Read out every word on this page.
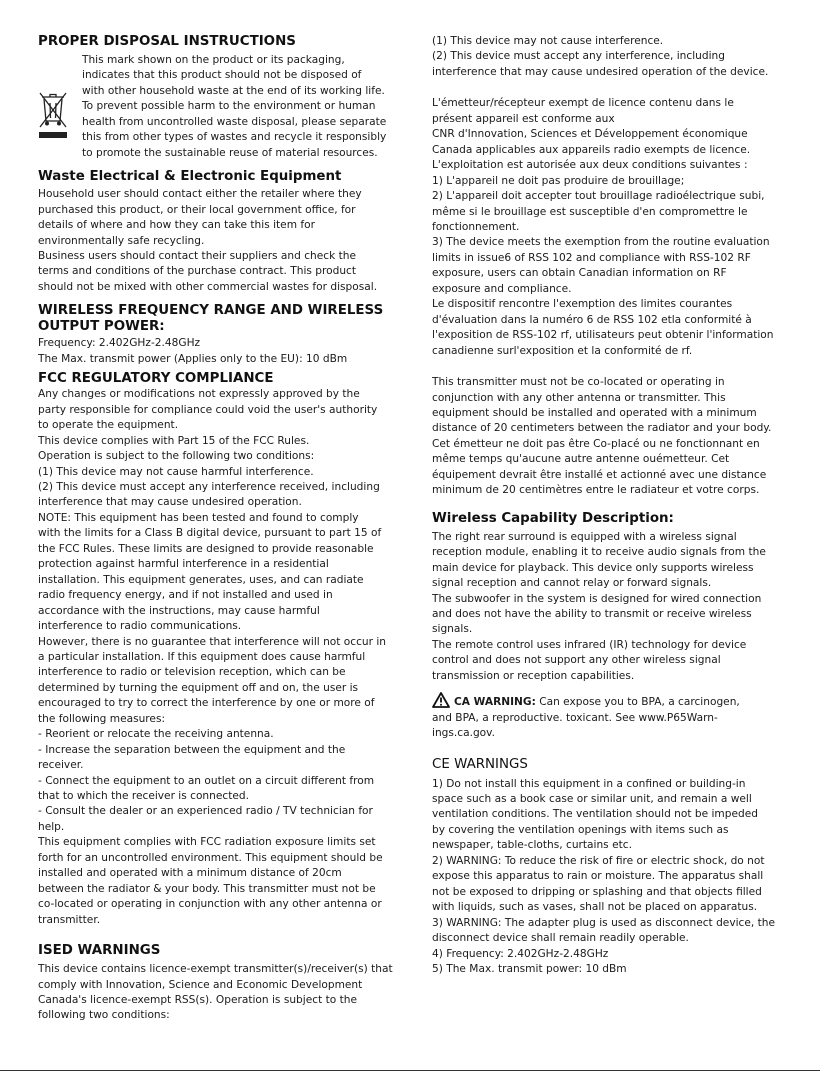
PROPER DISPOSAL INSTRUCTIONS

This mark shown on the product or its packaging,
indicates that this product should not be disposed of
with other household waste at the end of its working life.
To prevent possible harm to the environment or human
health from uncontrolled waste disposal, please separate
this from other types of wastes and recycle it responsibly
to promote the sustainable reuse of material resources.

Waste Electrical & Electronic Equipment

Household user should contact either the retailer where they
purchased this product, or their local government office, for
details of where and how they can take this item for
environmentally safe recycling.
Business users should contact their suppliers and check the
terms and conditions of the purchase contract. This product
should not be mixed with other commercial wastes for disposal.

WIRELESS FREQUENCY RANGE AND WIRELESS
OUTPUT POWER:

Frequency: 2.402GHz-2.48GHz
The Max. transmit power (Applies only to the EU): 10 dBm

FCC REGULATORY COMPLIANCE

Any changes or modifications not expressly approved by the
party responsible for compliance could void the user's authority
to operate the equipment.
This device complies with Part 15 of the FCC Rules.
Operation is subject to the following two conditions:
(1) This device may not cause harmful interference.
(2) This device must accept any interference received, including
interference that may cause undesired operation.
NOTE: This equipment has been tested and found to comply
with the limits for a Class B digital device, pursuant to part 15 of
the FCC Rules. These limits are designed to provide reasonable
protection against harmful interference in a residential
installation. This equipment generates, uses, and can radiate
radio frequency energy, and if not installed and used in
accordance with the instructions, may cause harmful
interference to radio communications.
However, there is no guarantee that interference will not occur in
a particular installation. If this equipment does cause harmful
interference to radio or television reception, which can be
determined by turning the equipment off and on, the user is
encouraged to try to correct the interference by one or more of
the following measures:
- Reorient or relocate the receiving antenna.
- Increase the separation between the equipment and the
receiver.
- Connect the equipment to an outlet on a circuit different from
that to which the receiver is connected.
- Consult the dealer or an experienced radio / TV technician for
help.
This equipment complies with FCC radiation exposure limits set
forth for an uncontrolled environment. This equipment should be
installed and operated with a minimum distance of 20cm
between the radiator & your body. This transmitter must not be
co-located or operating in conjunction with any other antenna or
transmitter.

ISED WARNINGS

This device contains licence-exempt transmitter(s)/receiver(s) that
comply with Innovation, Science and Economic Development
Canada's licence-exempt RSS(s). Operation is subject to the
following two conditions:

(1) This device may not cause interference.
(2) This device must accept any interference, including
interference that may cause undesired operation of the device.

L'émetteur/récepteur exempt de licence contenu dans le
présent appareil est conforme aux
CNR d'Innovation, Sciences et Développement économique
Canada applicables aux appareils radio exempts de licence.
L'exploitation est autorisée aux deux conditions suivantes :
1) L'appareil ne doit pas produire de brouillage;
2) L'appareil doit accepter tout brouillage radioélectrique subi,
même si le brouillage est susceptible d'en compromettre le
fonctionnement.
3) The device meets the exemption from the routine evaluation
limits in issue6 of RSS 102 and compliance with RSS-102 RF
exposure, users can obtain Canadian information on RF
exposure and compliance.
Le dispositif rencontre l'exemption des limites courantes
d'évaluation dans la numéro 6 de RSS 102 etla conformité à
l'exposition de RSS-102 rf, utilisateurs peut obtenir l'information
canadienne surl'exposition et la conformité de rf.

This transmitter must not be co-located or operating in
conjunction with any other antenna or transmitter. This
equipment should be installed and operated with a minimum
distance of 20 centimeters between the radiator and your body.
Cet émetteur ne doit pas être Co-placé ou ne fonctionnant en
même temps qu'aucune autre antenne ouémetteur. Cet
équipement devrait être installé et actionné avec une distance
minimum de 20 centimètres entre le radiateur et votre corps.

Wireless Capability Description:

The right rear surround is equipped with a wireless signal
reception module, enabling it to receive audio signals from the
main device for playback. This device only supports wireless
signal reception and cannot relay or forward signals.
The subwoofer in the system is designed for wired connection
and does not have the ability to transmit or receive wireless
signals.
The remote control uses infrared (IR) technology for device
control and does not support any other wireless signal
transmission or reception capabilities.

CA WARNING: Can expose you to BPA, a carcinogen,

and BPA, a reproductive. toxicant. See www.P65Warn-
ings.ca.gov.

CE WARNINGS

1) Do not install this equipment in a confined or building-in
space such as a book case or similar unit, and remain a well
ventilation conditions. The ventilation should not be impeded
by covering the ventilation openings with items such as
newspaper, table-cloths, curtains etc.
2) WARNING: To reduce the risk of fire or electric shock, do not
expose this apparatus to rain or moisture. The apparatus shall
not be exposed to dripping or splashing and that objects filled
with liquids, such as vases, shall not be placed on apparatus.
3) WARNING: The adapter plug is used as disconnect device, the
disconnect device shall remain readily operable.
4) Frequency: 2.402GHz-2.48GHz
5) The Max. transmit power: 10 dBm
